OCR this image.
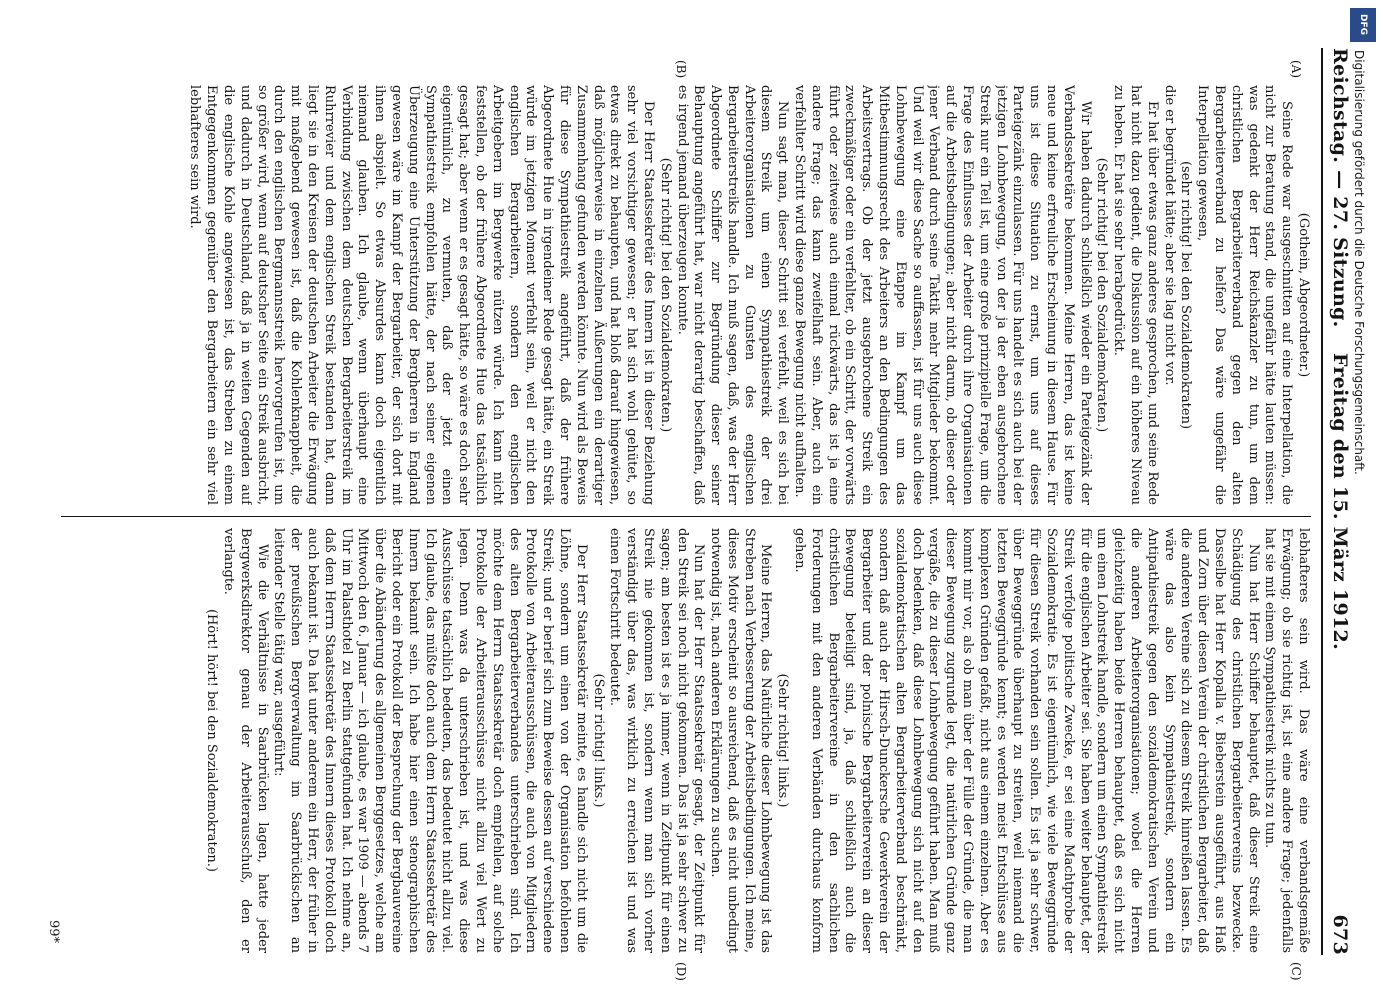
Reichstag. — 27. Sitzung.
Freitag den 15. März 1912.
673
(A)
(B)
(C)
(D)

(Gothein, Abgeordneter.)

Seine Rede war ausgeschnitten auf eine Interpellation, die nicht zur Beratung stand, die ungefähr hätte lauten müssen: was gedenkt der Herr Reichskanzler zu tun, um dem christlichen Bergarbeiterverband gegen den alten Bergarbeiterverband zu helfen? Das wäre ungefähr die Interpellation gewesen,

(sehr richtig! bei den Sozialdemokraten)

die er begründet hätte; aber sie lag nicht vor.

Er hat über etwas ganz anderes gesprochen, und seine Rede hat nicht dazu gedient, die Diskussion auf ein höheres Niveau zu heben. Er hat sie sehr herabgedrückt.

(Sehr richtig! bei den Sozialdemokraten.)

Wir haben dadurch schließlich wieder ein Parteigezänk der Verbandssekretäre bekommen. Meine Herren, das ist keine neue und keine erfreuliche Erscheinung in diesem Hause. Für uns ist diese Situation zu ernst, um uns auf dieses Parteigezänk einzulassen. Für uns handelt es sich auch bei der jetzigen Lohnbewegung, von der ja der eben ausgebrochene Streik nur ein Teil ist, um eine große prinzipielle Frage, um die Frage des Einflusses der Arbeiter durch ihre Organisationen auf die Arbeitsbedingungen; aber nicht darum, ob dieser oder jener Verband durch seine Taktik mehr Mitglieder bekommt. Und weil wir diese Sache so auffassen, ist für uns auch diese Lohnbewegung eine Etappe im Kampf um das Mitbestimmungsrecht des Arbeiters an den Bedingungen des Arbeitsvertrags. Ob der jetzt ausgebrochene Streik ein zweckmäßiger oder ein verfehlter, ob ein Schritt, der vorwärts führt oder zeitweise auch einmal rückwärts, das ist ja eine andere Frage; das kann zweifelhaft sein. Aber, auch ein verfehlter Schritt wird diese ganze Bewegung nicht aufhalten.

Nun sagt man, dieser Schritt sei verfehlt, weil es sich bei diesem Streik um einen Sympathiestreik der drei Arbeiterorganisationen zu Gunsten des englischen Bergarbeiterstreiks handle. Ich muß sagen, daß, was der Herr Abgeordnete Schiffer zur Begründung dieser seiner Behauptung angeführt hat, war nicht derartig beschaffen, daß es irgend jemand überzeugen konnte.

(Sehr richtig! bei den Sozialdemokraten.)

Der Herr Staatssekretär des Innern ist in dieser Beziehung sehr viel vorsichtiger gewesen; er hat sich wohl gehütet, so etwas direkt zu behaupten, und hat bloß darauf hingewiesen, daß möglicherweise in einzelnen Äußerungen ein derartiger Zusammenhang gefunden werden könnte. Nun wird als Beweis für diese Sympathiestreik angeführt, daß der frühere Abgeordnete Hue in irgendeiner Rede gesagt hätte, ein Streik würde im jetzigen Moment verfehlt sein, weil er nicht den englischen Bergarbeitern, sondern den englischen Arbeitgebern im Bergwerke nützen würde. Ich kann nicht feststellen, ob der frühere Abgeordnete Hue das tatsächlich gesagt hat; aber wenn er es gesagt hätte, so wäre es doch sehr eigentümlich, zu vermuten, daß der jetzt einen Sympathiestreik empfohlen hätte, der nach seiner eigenen Überzeugung eine Unterstützung der Bergherren in England gewesen wäre im Kampf der Bergarbeiter, der sich dort mit ihnen abspielt. So etwas Absurdes kann doch eigentlich niemand glauben. Ich glaube, wenn überhaupt eine Verbindung zwischen dem deutschen Bergarbeiterstreik im Ruhrrevier und dem englischen Streik bestanden hat, dann liegt sie in den Kreisen der deutschen Arbeiter die Erwägung mit maßgebend gewesen ist, daß die Kohlenknappheit, die durch den englischen Bergmannsstreik hervorgerufen ist, um so größer wird, wenn auf deutscher Seite ein Streik ausbricht, und dadurch in Deutschland, daß ja in weiten Gegenden auf die englische Kohle angewiesen ist, das Streben zu einem Entgegenkommen gegenüber den Bergarbeitern ein sehr viel lebhafteres sein wird.

lebhafteres sein wird. Das wäre eine verbandsgemäße Erwägung; ob sie richtig ist, ist eine andere Frage; jedenfalls hat sie mit einem Sympathiestreik nichts zu tun.

Nun hat Herr Schiffer behauptet, daß dieser Streik eine Schädigung des christlichen Bergarbeitervereins bezwecke. Dasselbe hat Herr Kopalla v. Bieberstein ausgeführt, aus Haß und Zorn über diesen Verein der christlichen Bergarbeiter, daß die anderen Vereine sich zu diesem Streik hinreißen lassen. Es wäre das also kein Sympathiestreik, sondern ein Antipathiestreik gegen den sozialdemokratischen Verein und die anderen Arbeiterorganisationen; wobei die Herren gleichzeitig haben beide Herren behauptet, daß es sich nicht um einen Lohnstreik handle, sondern um einen Sympathiestreik für die englischen Arbeiter sei. Sie haben weiter behauptet, der Streik verfolge politische Zwecke, er sei eine Machtprobe der Sozialdemokratie. Es ist eigentümlich, wie viele Beweggründe für diesen Streik vorhanden sein sollen. Es ist ja sehr schwer, über Beweggründe überhaupt zu streiten, weil niemand die letzten Beweggründe kennt; es werden meist Entschlüsse aus komplexen Gründen gefaßt, nicht aus einem einzelnen. Aber es kommt mir vor, als ob man über der Fülle der Gründe, die man dieser Bewegung zugrunde legt, die natürlichen Gründe ganz vergäße, die zu dieser Lohnbewegung geführt haben. Man muß doch bedenken, daß diese Lohnbewegung sich nicht auf den sozialdemokratischen alten Bergarbeiterverband beschränkt, sondern daß auch der Hirsch-Dunckersche Gewerkverein der Bergarbeiter und der polnische Bergarbeiterverein an dieser Bewegung beteiligt sind, ja, daß schließlich auch die christlichen Bergarbeitervereine in den sachlichen Forderungen mit den anderen Verbänden durchaus konform gehen.

(Sehr richtig! links.)

Meine Herren, das Natürliche dieser Lohnbewegung ist das Streben nach Verbesserung der Arbeitsbedingungen. Ich meine, dieses Motiv erscheint so ausreichend, daß es nicht unbedingt notwendig ist, nach anderen Erklärungen zu suchen.

Nun hat der Herr Staatssekretär gesagt, der Zeitpunkt für den Streik sei noch nicht gekommen. Das ist ja sehr schwer zu sagen; am besten ist es ja immer, wenn in Zeitpunkt für einen Streik nie gekommen ist, sondern wenn man sich vorher verständigt über das, was wirklich zu erreichen ist und was einen Fortschritt bedeutet.

(Sehr richtig! links.)

Der Herr Staatssekretär meinte, es handle sich nicht um die Löhne, sondern um einen von der Organisation befohlenen Streik; und er berief sich zum Beweise dessen auf verschiedene Protokolle von Arbeiterausschüssen, die auch von Mitgliedern des alten Bergarbeiterverbandes unterschrieben sind. Ich möchte dem Herrn Staatssekretär doch empfehlen, auf solche Protokolle der Arbeiterausschüsse nicht allzu viel Wert zu legen. Denn was da unterschrieben ist, und was diese Ausschüsse tatsächlich bedeuten, das bedeutet nicht allzu viel. Ich glaube, das müßte doch auch dem Herrn Staatssekretär des Innern bekannt sein. Ich habe hier einen stenographischen Bericht oder ein Protokoll der Besprechung der Bergbauvereine über die Abänderung des allgemeinen Berggesetzes, welche am Mittwoch den 6. Januar — ich glaube, es war 1909 — abends 7 Uhr im Palasthotel zu Berlin stattgefunden hat. Ich nehme an, daß dem Herrn Staatssekretär des Innern dieses Protokoll doch auch bekannt ist. Da hat unter anderem ein Herr, der früher in der preußischen Bergverwaltung im Saarbrückischen an leitender Stelle tätig war, ausgeführt:

Wie die Verhältnisse in Saarbrücken lagen, hatte jeder Bergwerksdirektor genau der Arbeiterausschuß, den er verlangte.

(Hört! hört! bei den Sozialdemokraten.)

99*
DFG
Digitalisierung gefördert durch die Deutsche Forschungsgemeinschaft.
